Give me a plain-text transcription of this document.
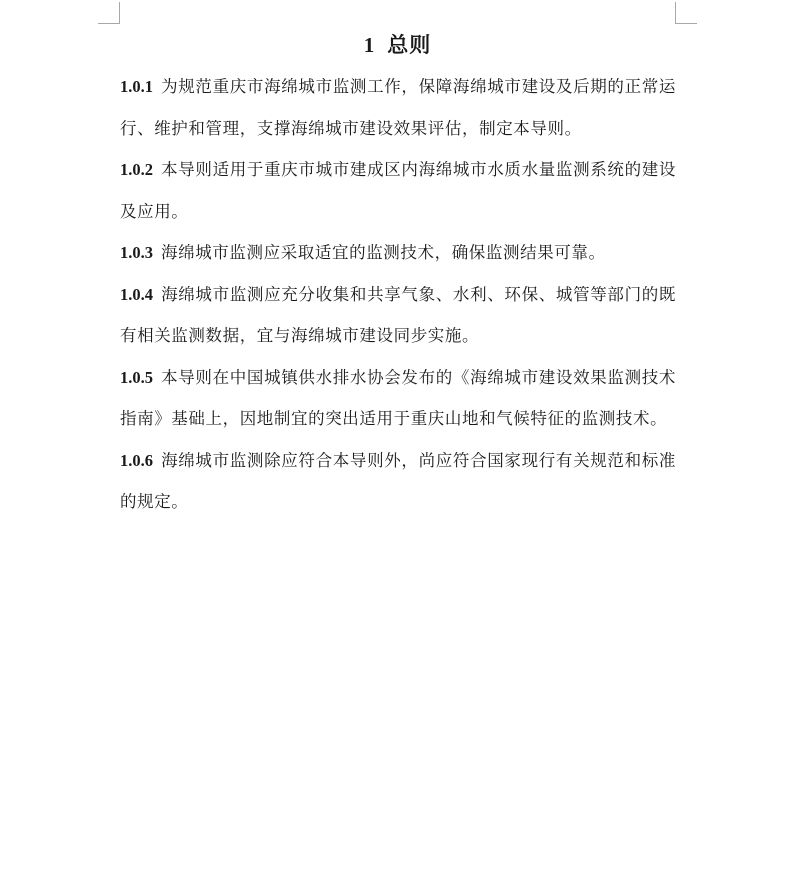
1 总则

1.0.1 为规范重庆市海绵城市监测工作，保障海绵城市建设及后期的正常运行、维护和管理，支撑海绵城市建设效果评估，制定本导则。

1.0.2 本导则适用于重庆市城市建成区内海绵城市水质水量监测系统的建设及应用。

1.0.3 海绵城市监测应采取适宜的监测技术，确保监测结果可靠。

1.0.4 海绵城市监测应充分收集和共享气象、水利、环保、城管等部门的既有相关监测数据，宜与海绵城市建设同步实施。

1.0.5 本导则在中国城镇供水排水协会发布的《海绵城市建设效果监测技术指南》基础上，因地制宜的突出适用于重庆山地和气候特征的监测技术。

1.0.6 海绵城市监测除应符合本导则外，尚应符合国家现行有关规范和标准的规定。
